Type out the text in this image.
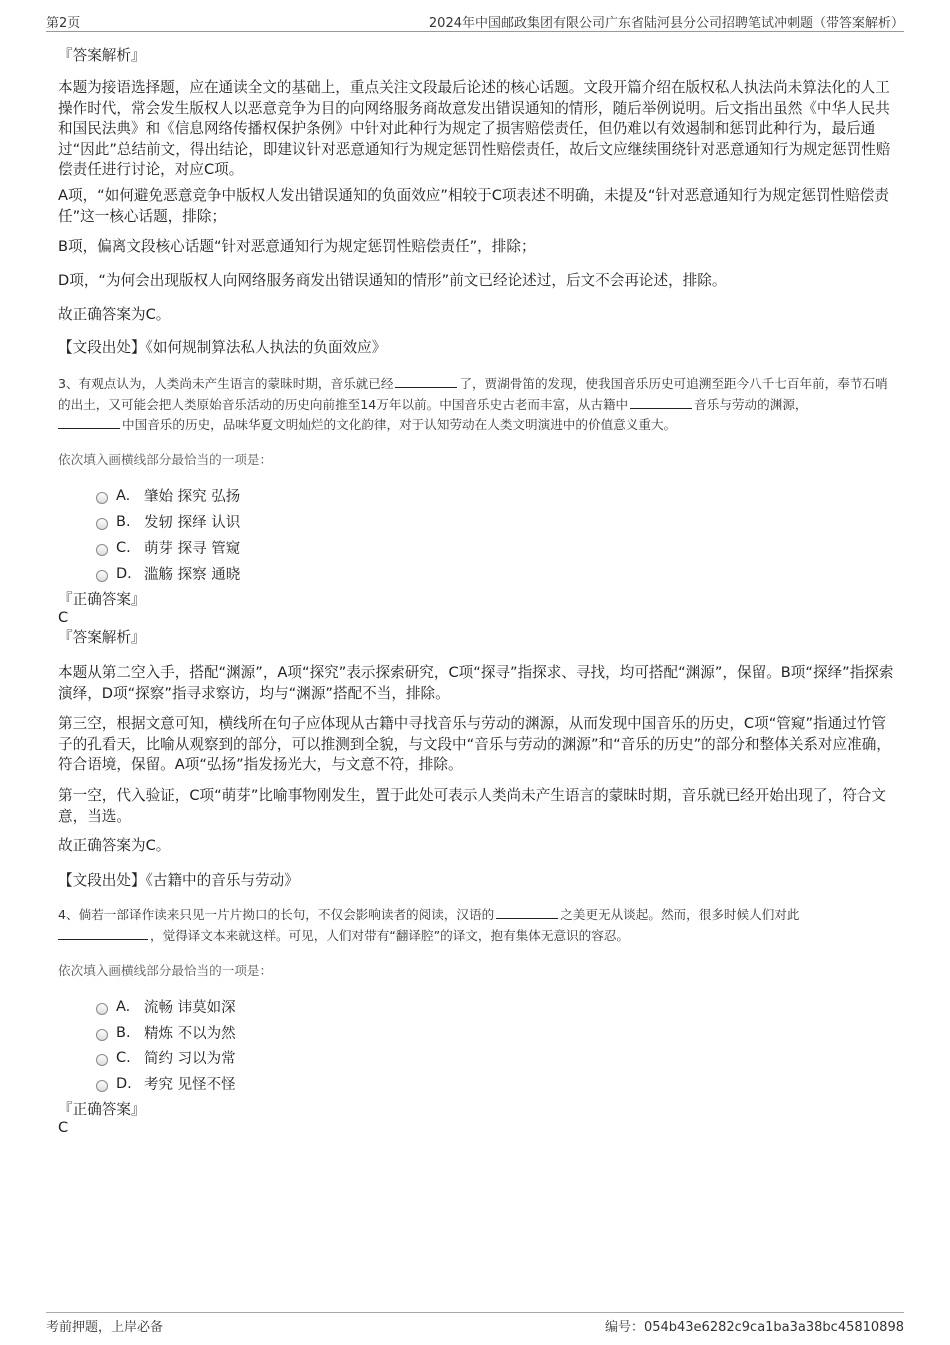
第2页	2024年中国邮政集团有限公司广东省陆河县分公司招聘笔试冲刺题（带答案解析）
『答案解析』
本题为接语选择题，应在通读全文的基础上，重点关注文段最后论述的核心话题。文段开篇介绍在版权私人执法尚未算法化的人工操作时代，常会发生版权人以恶意竞争为目的向网络服务商故意发出错误通知的情形，随后举例说明。后文指出虽然《中华人民共和国民法典》和《信息网络传播权保护条例》中针对此种行为规定了损害赔偿责任，但仍难以有效遏制和惩罚此种行为，最后通过“因此”总结前文，得出结论，即建议针对恶意通知行为规定惩罚性赔偿责任，故后文应继续围绕针对恶意通知行为规定惩罚性赔偿责任进行讨论，对应C项。
A项，“如何避免恶意竞争中版权人发出错误通知的负面效应”相较于C项表述不明确，未提及“针对恶意通知行为规定惩罚性赔偿责任”这一核心话题，排除；
B项，偏离文段核心话题“针对恶意通知行为规定惩罚性赔偿责任”，排除；
D项，“为何会出现版权人向网络服务商发出错误通知的情形”前文已经论述过，后文不会再论述，排除。
故正确答案为C。
【文段出处】《如何规制算法私人执法的负面效应》
3、有观点认为，人类尚未产生语言的蒙昧时期，音乐就已经	了，贾湖骨笛的发现，使我国音乐历史可追溯至距今八千七百年前，奉节石哨的出土，又可能会把人类原始音乐活动的历史向前推至14万年以前。中国音乐史古老而丰富，从古籍中	音乐与劳动的渊源，
中国音乐的历史，品味华夏文明灿烂的文化韵律，对于认知劳动在人类文明演进中的价值意义重大。
依次填入画横线部分最恰当的一项是：
A. 肇始 探究 弘扬
B. 发轫 探绎 认识
C. 萌芽 探寻 管窥
D. 滥觞 探察 通晓
『正确答案』
C
『答案解析』
本题从第二空入手，搭配“渊源”，A项“探究”表示探索研究，C项“探寻”指探求、寻找，均可搭配“渊源”，保留。B项“探绎”指探索演绎，D项“探察”指寻求察访，均与“渊源”搭配不当，排除。
第三空，根据文意可知，横线所在句子应体现从古籍中寻找音乐与劳动的渊源，从而发现中国音乐的历史，C项“管窥”指通过竹管子的孔看天，比喻从观察到的部分，可以推测到全貌，与文段中“音乐与劳动的渊源”和“音乐的历史”的部分和整体关系对应准确，符合语境，保留。A项“弘扬”指发扬光大，与文意不符，排除。
第一空，代入验证，C项“萌芽”比喻事物刚发生，置于此处可表示人类尚未产生语言的蒙昧时期，音乐就已经开始出现了，符合文意，当选。
故正确答案为C。
【文段出处】《古籍中的音乐与劳动》
4、倘若一部译作读来只见一片片拗口的长句，不仅会影响读者的阅读，汉语的	之美更无从谈起。然而，很多时候人们对此
，觉得译文本来就这样。可见，人们对带有“翻译腔”的译文，抱有集体无意识的容忍。
依次填入画横线部分最恰当的一项是：
A. 流畅 讳莫如深
B. 精炼 不以为然
C. 简约 习以为常
D. 考究 见怪不怪
『正确答案』
C
考前押题，上岸必备	编号：054b43e6282c9ca1ba3a38bc45810898
